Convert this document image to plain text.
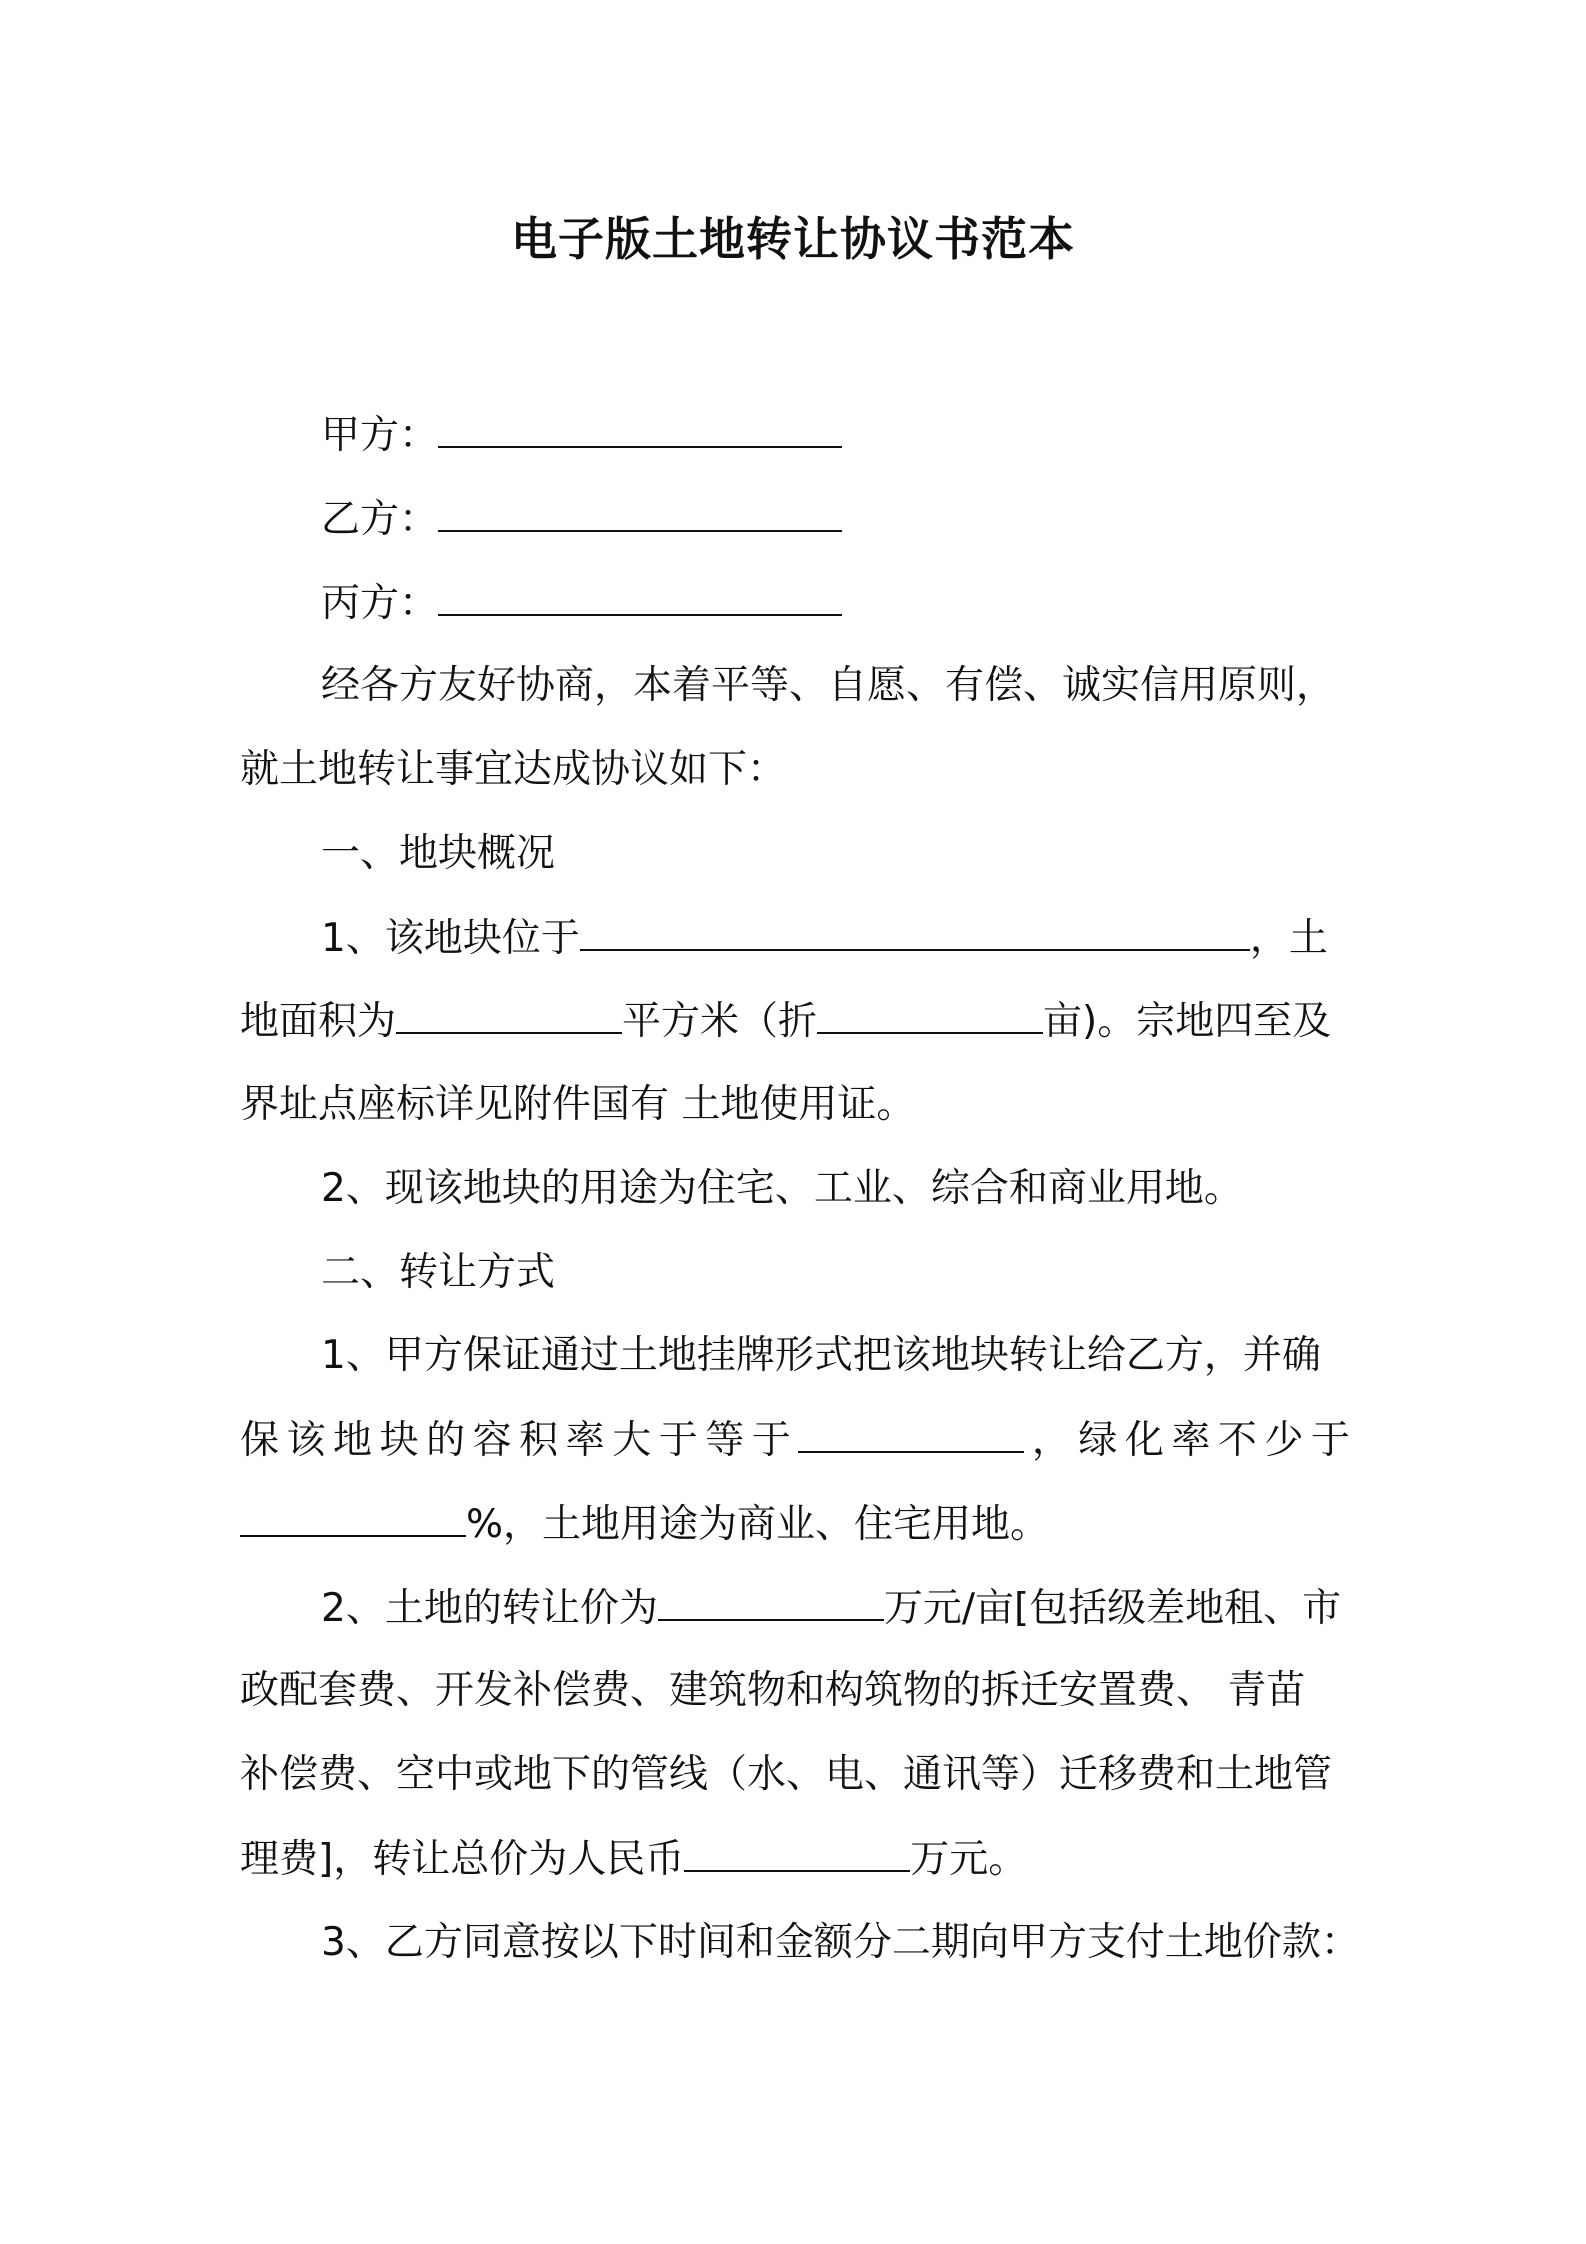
电子版土地转让协议书范本
甲方：
乙方：
丙方：
经各方友好协商，本着平等、自愿、有偿、诚实信用原则，
就土地转让事宜达成协议如下：
一、地块概况
1、该地块位于	，土
地面积为	平方米（折	亩)。宗地四至及
界址点座标详见附件国有 土地使用证。
2、现该地块的用途为住宅、工业、综合和商业用地。
二、转让方式
1、甲方保证通过土地挂牌形式把该地块转让给乙方，并确
保该地块的容积率大于等于	，绿化率不少于
%，土地用途为商业、住宅用地。
2、土地的转让价为	万元/亩[包括级差地租、市
政配套费、开发补偿费、建筑物和构筑物的拆迁安置费、 青苗
补偿费、空中或地下的管线（水、电、通讯等）迁移费和土地管
理费]，转让总价为人民币	万元。
3、乙方同意按以下时间和金额分二期向甲方支付土地价款：
